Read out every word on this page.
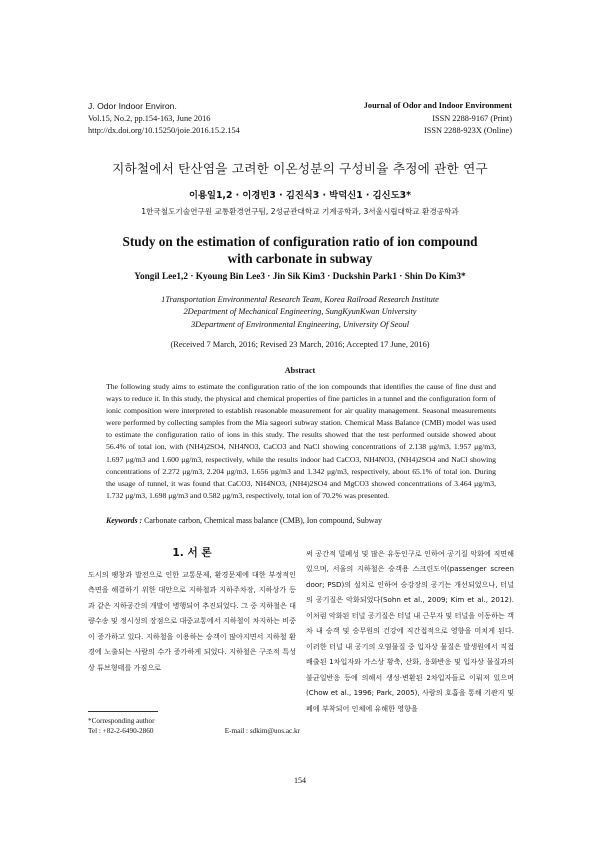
J. Odor Indoor Environ.
Vol.15, No.2, pp.154-163, June 2016
http://dx.doi.org/10.15250/joie.2016.15.2.154
Journal of Odor and Indoor Environment
ISSN 2288-9167 (Print)
ISSN 2288-923X (Online)
지하철에서 탄산염을 고려한 이온성분의 구성비율 추정에 관한 연구
이용일1,2 · 이경빈3 · 김진식3 · 박덕신1 · 김신도3*
1한국철도기술연구원 교통환경연구팀, 2성균관대학교 기계공학과, 3서울시립대학교 환경공학과
Study on the estimation of configuration ratio of ion compound
with carbonate in subway
Yongil Lee1,2 · Kyoung Bin Lee3 · Jin Sik Kim3 · Duckshin Park1 · Shin Do Kim3*
1Transportation Environmental Research Team, Korea Railroad Research Institute
2Department of Mechanical Engineering, SungKyunKwan University
3Department of Environmental Engineering, University Of Seoul
(Received 7 March, 2016; Revised 23 March, 2016; Accepted 17 June, 2016)
Abstract
The following study aims to estimate the configuration ratio of the ion compounds that identifies the cause of fine dust and ways to reduce it. In this study, the physical and chemical properties of fine particles in a tunnel and the configuration form of ionic composition were interpreted to establish reasonable measurement for air quality management. Seasonal measurements were performed by collecting samples from the Mia sageori subway station. Chemical Mass Balance (CMB) model was used to estimate the configuration ratio of ions in this study. The results showed that the test performed outside showed about 56.4% of total ion, with (NH4)2SO4, NH4NO3, CaCO3 and NaCl showing concentrations of 2.138 μg/m3, 1.957 μg/m3, 1.697 μg/m3 and 1.600 μg/m3, respectively, while the results indoor had CaCO3, NH4NO3, (NH4)2SO4 and NaCl showing concentrations of 2.272 μg/m3, 2.204 μg/m3, 1.656 μg/m3 and 1.342 μg/m3, respectively, about 65.1% of total ion. During the usage of tunnel, it was found that CaCO3, NH4NO3, (NH4)2SO4 and MgCO3 showed concentrations of 3.464 μg/m3, 1.732 μg/m3, 1.698 μg/m3 and 0.582 μg/m3, respectively, total ion of 70.2% was presented.
Keywords : Carbonate carbon, Chemical mass balance (CMB), Ion compound, Subway
1. 서 론
도시의 팽창과 발전으로 인한 교통문제, 환경문제에 대한 부정적인 측면을 해결하기 위한 대안으로 지하철과 지하주차장, 지하상가 등과 같은 지하공간의 개발이 병행되어 추진되었다. 그 중 지하철은 대량수송 및 정시성의 장점으로 대중교통에서 지하철이 차지하는 비중이 증가하고 있다. 지하철을 이용하는 승객이 많아지면서 지하철 환경에 노출되는 사람의 수가 증가하게 되었다. 지하철은 구조적 특성상 튜브형태를 가짐으로
써 공간적 밀폐성 및 많은 유동인구로 인하여 공기질 악화에 직면해 있으며, 서울의 지하철은 승객용 스크린도어(passenger screen door; PSD)의 설치로 인하여 승강장의 공기는 개선되었으나, 터널의 공기질은 악화되었다(Sohn et al., 2009; Kim et al., 2012). 이처럼 악화된 터널 공기질은 터널 내 근무자 및 터널을 이동하는 객차 내 승객 및 승무원의 건강에 직간접적으로 영향을 미치게 된다. 이러한 터널 내 공기의 오염물질 중 입자상 물질은 발생원에서 직접 배출된 1차입자와 가스상 황축, 산화, 응화반응 및 입자상 물질과의 불균일반응 등에 의해서 생성·변환된 2차입자들로 이뤄져 있으며(Chow et al., 1996; Park, 2005), 사람의 호흡을 통해 기관지 및 폐에 부착되어 인체에 유해한 영향을
*Corresponding author
Tel : +82-2-6490-2860	E-mail : sdkim@uos.ac.kr
154
